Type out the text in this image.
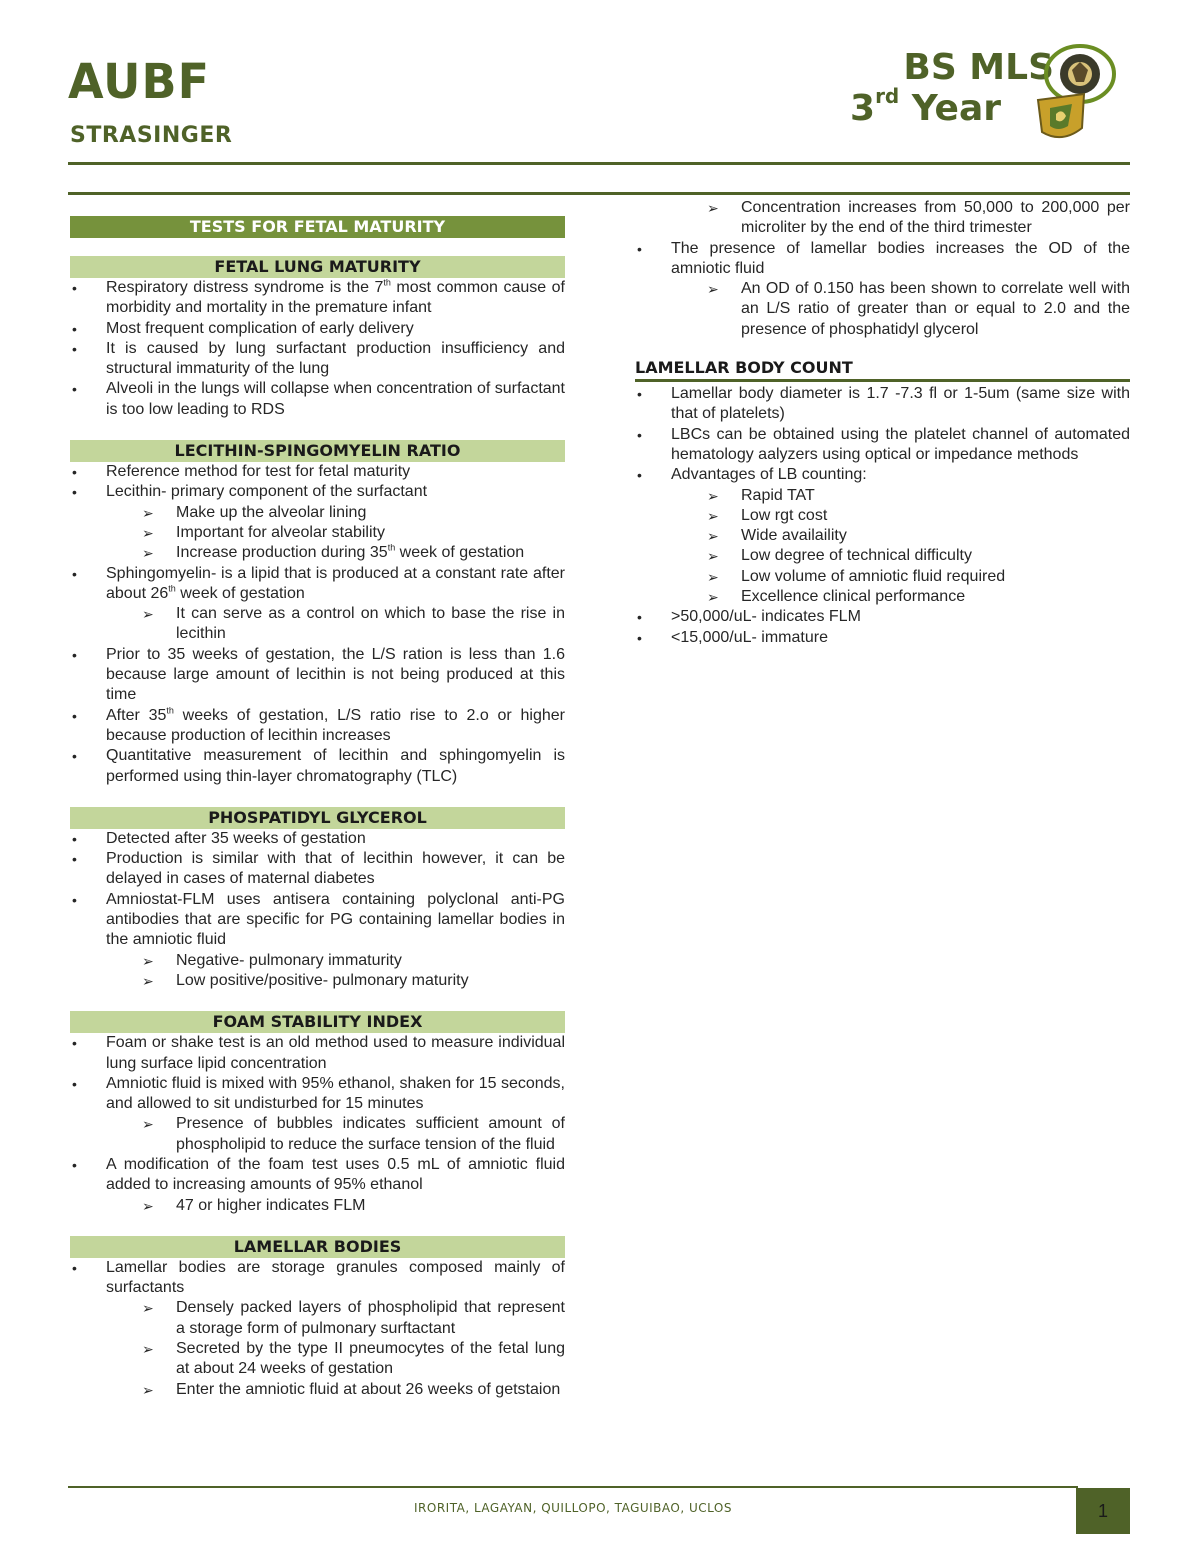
AUBF
STRASINGER
BS MLS
3rd Year
TESTS FOR FETAL MATURITY
FETAL LUNG MATURITY
• Respiratory distress syndrome is the 7th most common cause of morbidity and mortality in the premature infant
• Most frequent complication of early delivery
• It is caused by lung surfactant production insufficiency and structural immaturity of the lung
• Alveoli in the lungs will collapse when concentration of surfactant is too low leading to RDS
LECITHIN-SPINGOMYELIN RATIO
• Reference method for test for fetal maturity
• Lecithin- primary component of the surfactant
➢ Make up the alveolar lining
➢ Important for alveolar stability
➢ Increase production during 35th week of gestation
• Sphingomyelin- is a lipid that is produced at a constant rate after about 26th week of gestation
➢ It can serve as a control on which to base the rise in lecithin
• Prior to 35 weeks of gestation, the L/S ration is less than 1.6 because large amount of lecithin is not being produced at this time
• After 35th weeks of gestation, L/S ratio rise to 2.o or higher because production of lecithin increases
• Quantitative measurement of lecithin and sphingomyelin is performed using thin-layer chromatography (TLC)
PHOSPATIDYL GLYCEROL
• Detected after 35 weeks of gestation
• Production is similar with that of lecithin however, it can be delayed in cases of maternal diabetes
• Amniostat-FLM uses antisera containing polyclonal anti-PG antibodies that are specific for PG containing lamellar bodies in the amniotic fluid
➢ Negative- pulmonary immaturity
➢ Low positive/positive- pulmonary maturity
FOAM STABILITY INDEX
• Foam or shake test is an old method used to measure individual lung surface lipid concentration
• Amniotic fluid is mixed with 95% ethanol, shaken for 15 seconds, and allowed to sit undisturbed for 15 minutes
➢ Presence of bubbles indicates sufficient amount of phospholipid to reduce the surface tension of the fluid
• A modification of the foam test uses 0.5 mL of amniotic fluid added to increasing amounts of 95% ethanol
➢ 47 or higher indicates FLM
LAMELLAR BODIES
• Lamellar bodies are storage granules composed mainly of surfactants
➢ Densely packed layers of phospholipid that represent a storage form of pulmonary surftactant
➢ Secreted by the type II pneumocytes of the fetal lung at about 24 weeks of gestation
➢ Enter the amniotic fluid at about 26 weeks of getstaion
➢ Concentration increases from 50,000 to 200,000 per microliter by the end of the third trimester
• The presence of lamellar bodies increases the OD of the amniotic fluid
➢ An OD of 0.150 has been shown to correlate well with an L/S ratio of greater than or equal to 2.0 and the presence of phosphatidyl glycerol
LAMELLAR BODY COUNT
• Lamellar body diameter is 1.7 -7.3 fl or 1-5um (same size with that of platelets)
• LBCs can be obtained using the platelet channel of automated hematology aalyzers using optical or impedance methods
• Advantages of LB counting:
➢ Rapid TAT
➢ Low rgt cost
➢ Wide availaility
➢ Low degree of technical difficulty
➢ Low volume of amniotic fluid required
➢ Excellence clinical performance
• >50,000/uL- indicates FLM
• <15,000/uL- immature
IRORITA, LAGAYAN, QUILLOPO, TAGUIBAO, UCLOS	1
